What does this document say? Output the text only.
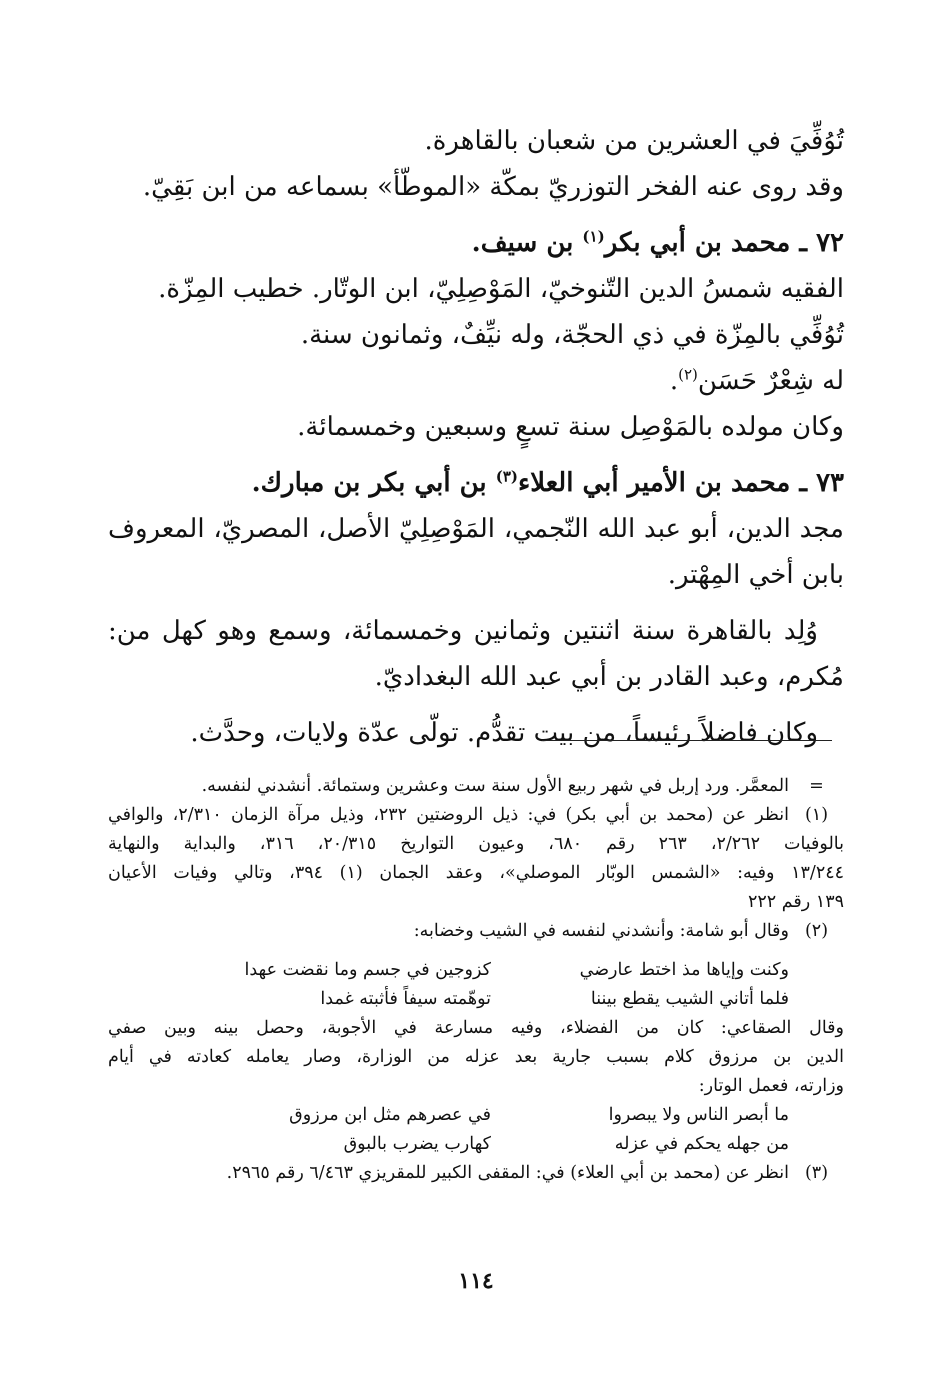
تُوُفِّيَ في العشرين من شعبان بالقاهرة.
وقد روى عنه الفخر التوزريّ بمكّة «الموطّأ» بسماعه من ابن بَقِيّ.
٧٢ ـ محمد بن أبي بكر$^{(١)}$ بن سيف.
الفقيه شمسُ الدين التّنوخيّ، المَوْصِلِيّ، ابن الوتّار. خطيب المِزّة.
تُوُفِّي بالمِزّة في ذي الحجّة، وله نيِّفٌ، وثمانون سنة.
له شِعْرٌ حَسَن$^{(٢)}$.
وكان مولده بالمَوْصِل سنة تسعٍ وسبعين وخمسمائة.
٧٣ ـ محمد بن الأمير أبي العلاء$^{(٣)}$ بن أبي بكر بن مبارك.
مجد الدين، أبو عبد الله النّجمي، المَوْصِلِيّ الأصل، المصريّ، المعروف
بابن أخي المِهْتر.
وُلِد بالقاهرة سنة اثنتين وثمانين وخمسمائة، وسمع وهو كهل من:
مُكرم، وعبد القادر بن أبي عبد الله البغداديّ.
وكان فاضلاً رئيساً، من بيت تقدُّم. تولّى عدّة ولايات، وحدَّث.
=
المعمَّر. ورد إربل في شهر ربيع الأول سنة ست وعشرين وستمائة. أنشدني لنفسه.
(١)
انظر عن (محمد بن أبي بكر) في: ذيل الروضتين ٢٣٢، وذيل مرآة الزمان ٢/٣١٠، والوافي
بالوفيات ٢/٢٦٢، ٢٦٣ رقم ٦٨٠، وعيون التواريخ ٢٠/٣١٥، ٣١٦، والبداية والنهاية
١٣/٢٤٤ وفيه: «الشمس الوبّار الموصلي»، وعقد الجمان (١) ٣٩٤، وتالي وفيات الأعيان
١٣٩ رقم ٢٢٢
(٢)
وقال أبو شامة: وأنشدني لنفسه في الشيب وخضابه:
وكنت وإياها مذ اختط عارضي
كزوجين في جسم وما نقضت عهدا
فلما أتاني الشيب يقطع بيننا
توهّمته سيفاً فأثبته غمدا
وقال الصقاعي: كان من الفضلاء، وفيه مسارعة في الأجوبة، وحصل بينه وبين صفي
الدين بن مرزوق كلام بسبب جارية بعد عزله من الوزارة، وصار يعامله كعادته في أيام
وزارته، فعمل الوتار:
ما أبصر الناس ولا يبصروا
في عصرهم مثل ابن مرزوق
من جهله يحكم في عزله
كهارب يضرب بالبوق
(٣)
انظر عن (محمد بن أبي العلاء) في: المقفى الكبير للمقريزي ٦/٤٦٣ رقم ٢٩٦٥.
١١٤
